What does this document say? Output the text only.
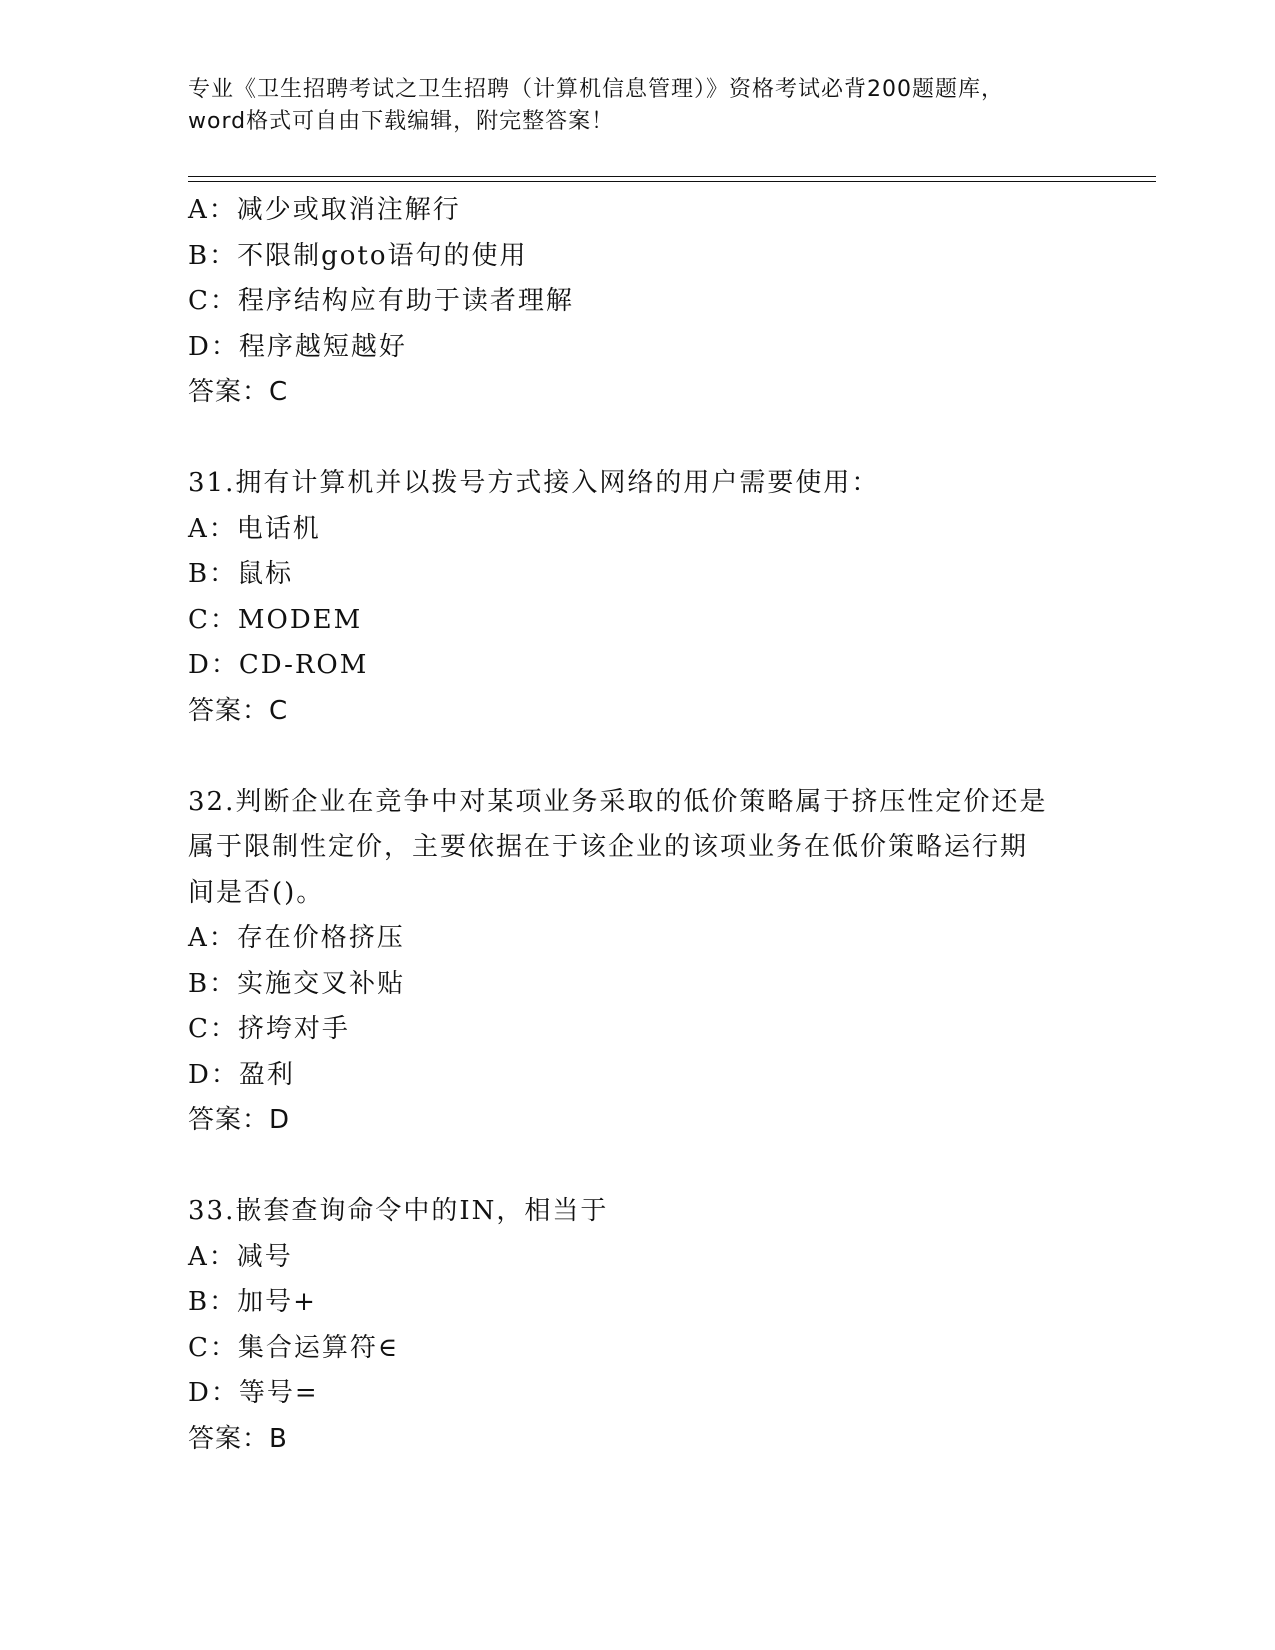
专业《卫生招聘考试之卫生招聘（计算机信息管理）》资格考试必背200题题库，
word格式可自由下载编辑，附完整答案！
A：减少或取消注解行
B：不限制goto语句的使用
C：程序结构应有助于读者理解
D：程序越短越好
答案：C
31.拥有计算机并以拨号方式接入网络的用户需要使用：
A：电话机
B：鼠标
C：MODEM
D：CD-ROM
答案：C
32.判断企业在竞争中对某项业务采取的低价策略属于挤压性定价还是
属于限制性定价，主要依据在于该企业的该项业务在低价策略运行期
间是否()。
A：存在价格挤压
B：实施交叉补贴
C：挤垮对手
D：盈利
答案：D
33.嵌套查询命令中的IN，相当于
A：减号
B：加号+
C：集合运算符∈
D：等号=
答案：B
